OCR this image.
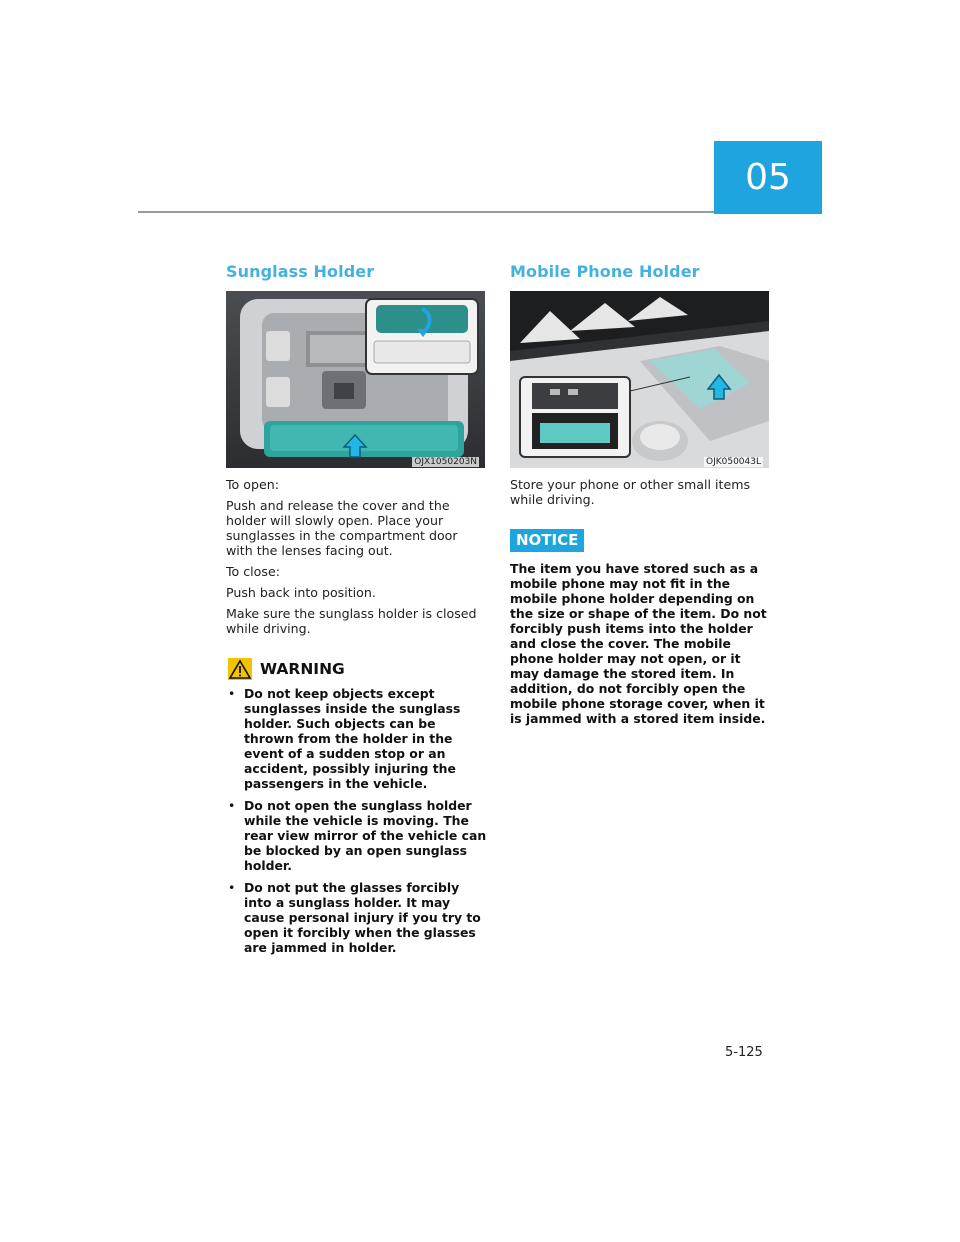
05
Sunglass Holder
OJX1050203N

To open:

Push and release the cover and the holder will slowly open. Place your sunglasses in the compartment door with the lenses facing out.

To close:

Push back into position.

Make sure the sunglass holder is closed while driving.

WARNING
• Do not keep objects except sunglasses inside the sunglass holder. Such objects can be thrown from the holder in the event of a sudden stop or an accident, possibly injuring the passengers in the vehicle.
• Do not open the sunglass holder while the vehicle is moving. The rear view mirror of the vehicle can be blocked by an open sunglass holder.
• Do not put the glasses forcibly into a sunglass holder. It may cause personal injury if you try to open it forcibly when the glasses are jammed in holder.
Mobile Phone Holder
OJK050043L

Store your phone or other small items while driving.

NOTICE

The item you have stored such as a mobile phone may not fit in the mobile phone holder depending on the size or shape of the item. Do not forcibly push items into the holder and close the cover. The mobile phone holder may not open, or it may damage the stored item. In addition, do not forcibly open the mobile phone storage cover, when it is jammed with a stored item inside.

5-125
